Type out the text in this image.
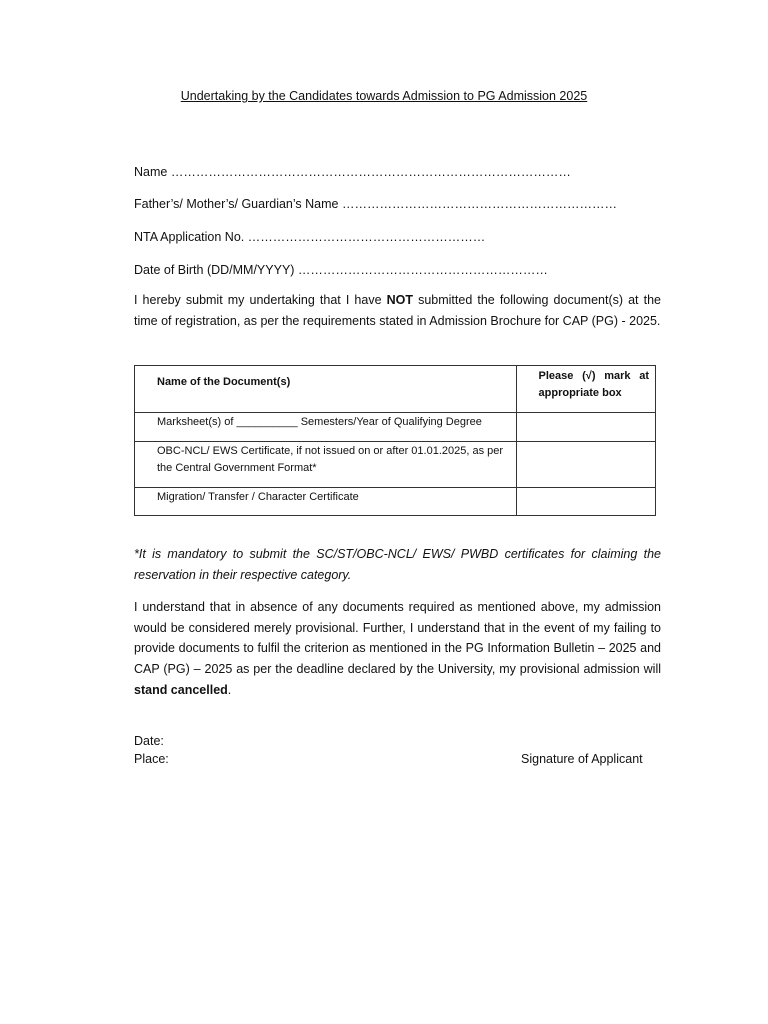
Undertaking by the Candidates towards Admission to PG Admission 2025
Name ……………………………………………………………………………………
Father’s/ Mother’s/ Guardian’s Name …………………………………………………………
NTA Application No. …………………………………………………
Date of Birth (DD/MM/YYYY) ……………………………………………………

I hereby submit my undertaking that I have NOT submitted the following document(s) at the time of registration, as per the requirements stated in Admission Brochure for CAP (PG) - 2025.

Name of the Document(s)	Please (√) mark at appropriate box

Marksheet(s) of __________ Semesters/Year of Qualifying Degree	

OBC-NCL/ EWS Certificate, if not issued on or after 01.01.2025, as per the Central Government Format*	

Migration/ Transfer / Character Certificate	

*It is mandatory to submit the SC/ST/OBC-NCL/ EWS/ PWBD certificates for claiming the reservation in their respective category.

I understand that in absence of any documents required as mentioned above, my admission would be considered merely provisional. Further, I understand that in the event of my failing to provide documents to fulfil the criterion as mentioned in the PG Information Bulletin – 2025 and CAP (PG) – 2025 as per the deadline declared by the University, my provisional admission will stand cancelled.

Date:
Place:	Signature of Applicant
